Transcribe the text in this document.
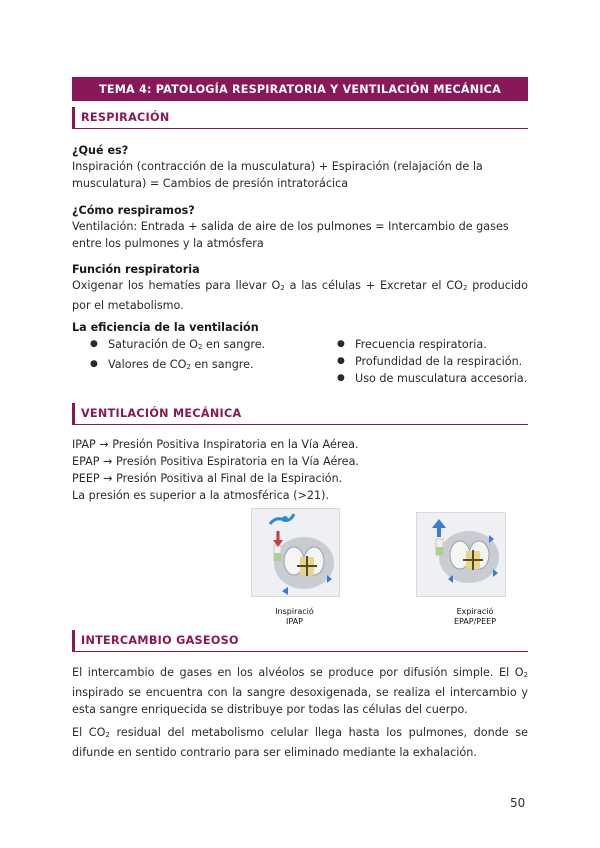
TEMA 4: PATOLOGÍA RESPIRATORIA Y VENTILACIÓN MECÁNICA
RESPIRACIÓN
¿Qué es?
Inspiración (contracción de la musculatura) + Espiración (relajación de la musculatura) = Cambios de presión intratorácica
¿Cómo respiramos?
Ventilación: Entrada + salida de aire de los pulmones = Intercambio de gases entre los pulmones y la atmósfera
Función respiratoria
Oxigenar los hematíes para llevar $O_2$ a las células + Excretar el $CO_2$ producido por el metabolismo.
La eficiencia de la ventilación
● Saturación de $O_2$ en sangre.
● Valores de $CO_2$ en sangre.
● Frecuencia respiratoria.
● Profundidad de la respiración.
● Uso de musculatura accesoria.
VENTILACIÓN MECÁNICA
IPAP → Presión Positiva Inspiratoria en la Vía Aérea.
EPAP → Presión Positiva Espiratoria en la Vía Aérea.
PEEP → Presión Positiva al Final de la Espiración.
La presión es superior a la atmosférica (>21).
Inspiració
IPAP
Expiració
EPAP/PEEP
INTERCAMBIO GASEOSO
El intercambio de gases en los alvéolos se produce por difusión simple. El $O_2$ inspirado se encuentra con la sangre desoxigenada, se realiza el intercambio y esta sangre enriquecida se distribuye por todas las células del cuerpo.
El $CO_2$ residual del metabolismo celular llega hasta los pulmones, donde se difunde en sentido contrario para ser eliminado mediante la exhalación.
50
